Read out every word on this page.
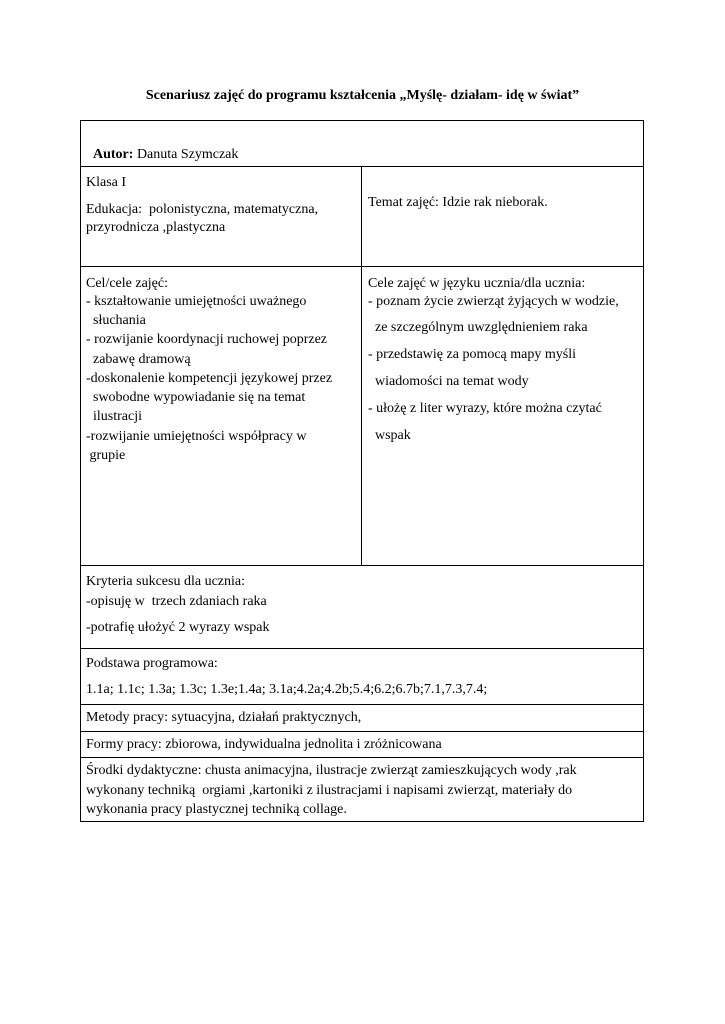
Scenariusz zajęć do programu kształcenia „Myślę- działam- idę w świat”

Autor: Danuta Szymczak

Klasa I
Edukacja:  polonistyczna, matematyczna,
przyrodnicza ,plastyczna
Temat zajęć: Idzie rak nieborak.
Cel/cele zajęć:
- kształtowanie umiejętności uważnego
słuchania
- rozwijanie koordynacji ruchowej poprzez
zabawę dramową
-doskonalenie kompetencji językowej przez
swobodne wypowiadanie się na temat
ilustracji
-rozwijanie umiejętności współpracy w
grupie
Cele zajęć w języku ucznia/dla ucznia:
- poznam życie zwierząt żyjących w wodzie,
ze szczególnym uwzględnieniem raka
- przedstawię za pomocą mapy myśli
wiadomości na temat wody
- ułożę z liter wyrazy, które można czytać
wspak
Kryteria sukcesu dla ucznia:
-opisuję w  trzech zdaniach raka
-potrafię ułożyć 2 wyrazy wspak
Podstawa programowa:
1.1a; 1.1c; 1.3a; 1.3c; 1.3e;1.4a; 3.1a;4.2a;4.2b;5.4;6.2;6.7b;7.1,7.3,7.4;
Metody pracy: sytuacyjna, działań praktycznych,
Formy pracy: zbiorowa, indywidualna jednolita i zróżnicowana
Środki dydaktyczne: chusta animacyjna, ilustracje zwierząt zamieszkujących wody ,rak
wykonany techniką  orgiami ,kartoniki z ilustracjami i napisami zwierząt, materiały do
wykonania pracy plastycznej techniką collage.
